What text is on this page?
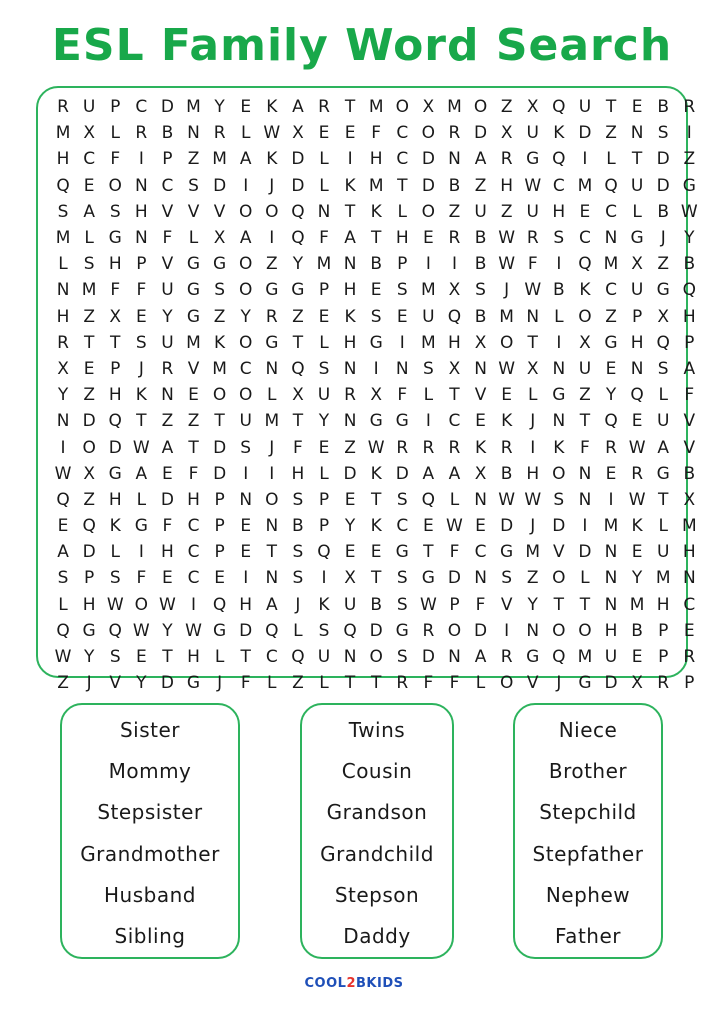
ESL Family Word Search
R U P C D M Y E K A R T M O X M O Z X Q U T E B R
M X L R B N R L W X E E F C O R D X U K D Z N S	I
H C F	I	P Z M A K D L	I	H C D N A R G Q I	L T D Z
Q E O N C S D	I	J	D L K M T D B Z H W C M Q U D G
S A S H V V V O O Q N T K L O Z U Z U H E C L B W
M L G N F L X A	I Q F A T H E R B W R S C N G J	Y
L S H P V G G O Z Y M N B P	I	I	B W F	I Q M X Z B
N M F F U G S O G G P H E S M X S	J W B K C U G Q
H Z X E Y G Z Y R Z E K S E U Q B M N L O Z P X H
R T T S U M K O G T L H G I M H X O T	I	X G H Q P
X E P	J	R V M C N Q S N	I	N S X N W X N U E N S A
Y Z H K N E O O L X U R X F L T V E L G Z Y Q L F
N D Q T Z Z T U M T Y N G G I	C E K	J	N T Q E U V
I O D W A T D S	J	F E Z W R R R K R	I	K F R W A V
W X G A E F D	I	I	H L D K D A A X B H O N E R G B
Q Z H L D H P N O S P E T S Q L N W W S N	I W T X
E Q K G F C P E N B P Y K C E W E D	J	D	I M K L M
A D L	I	H C P E T S Q E E G T F C G M V D N E U H
S P S F E C E	I	N S	I	X T S G D N S Z O L N Y M N
L H W O W I Q H A	J	K U B S W P F V Y T T N M H C
Q G Q W Y W G D Q L S Q D G R O D	I	N O O H B P E
W Y S E T H L T C Q U N O S D N A R G Q M U E P R
Z	J	V Y D G J	F L Z L T T R F F L O V	J	G D X R P
Sister
Mommy
Stepsister
Grandmother
Husband
Sibling
Twins
Cousin
Grandson
Grandchild
Stepson
Daddy
Niece
Brother
Stepchild
Stepfather
Nephew
Father
COOL 2 BKIDS
